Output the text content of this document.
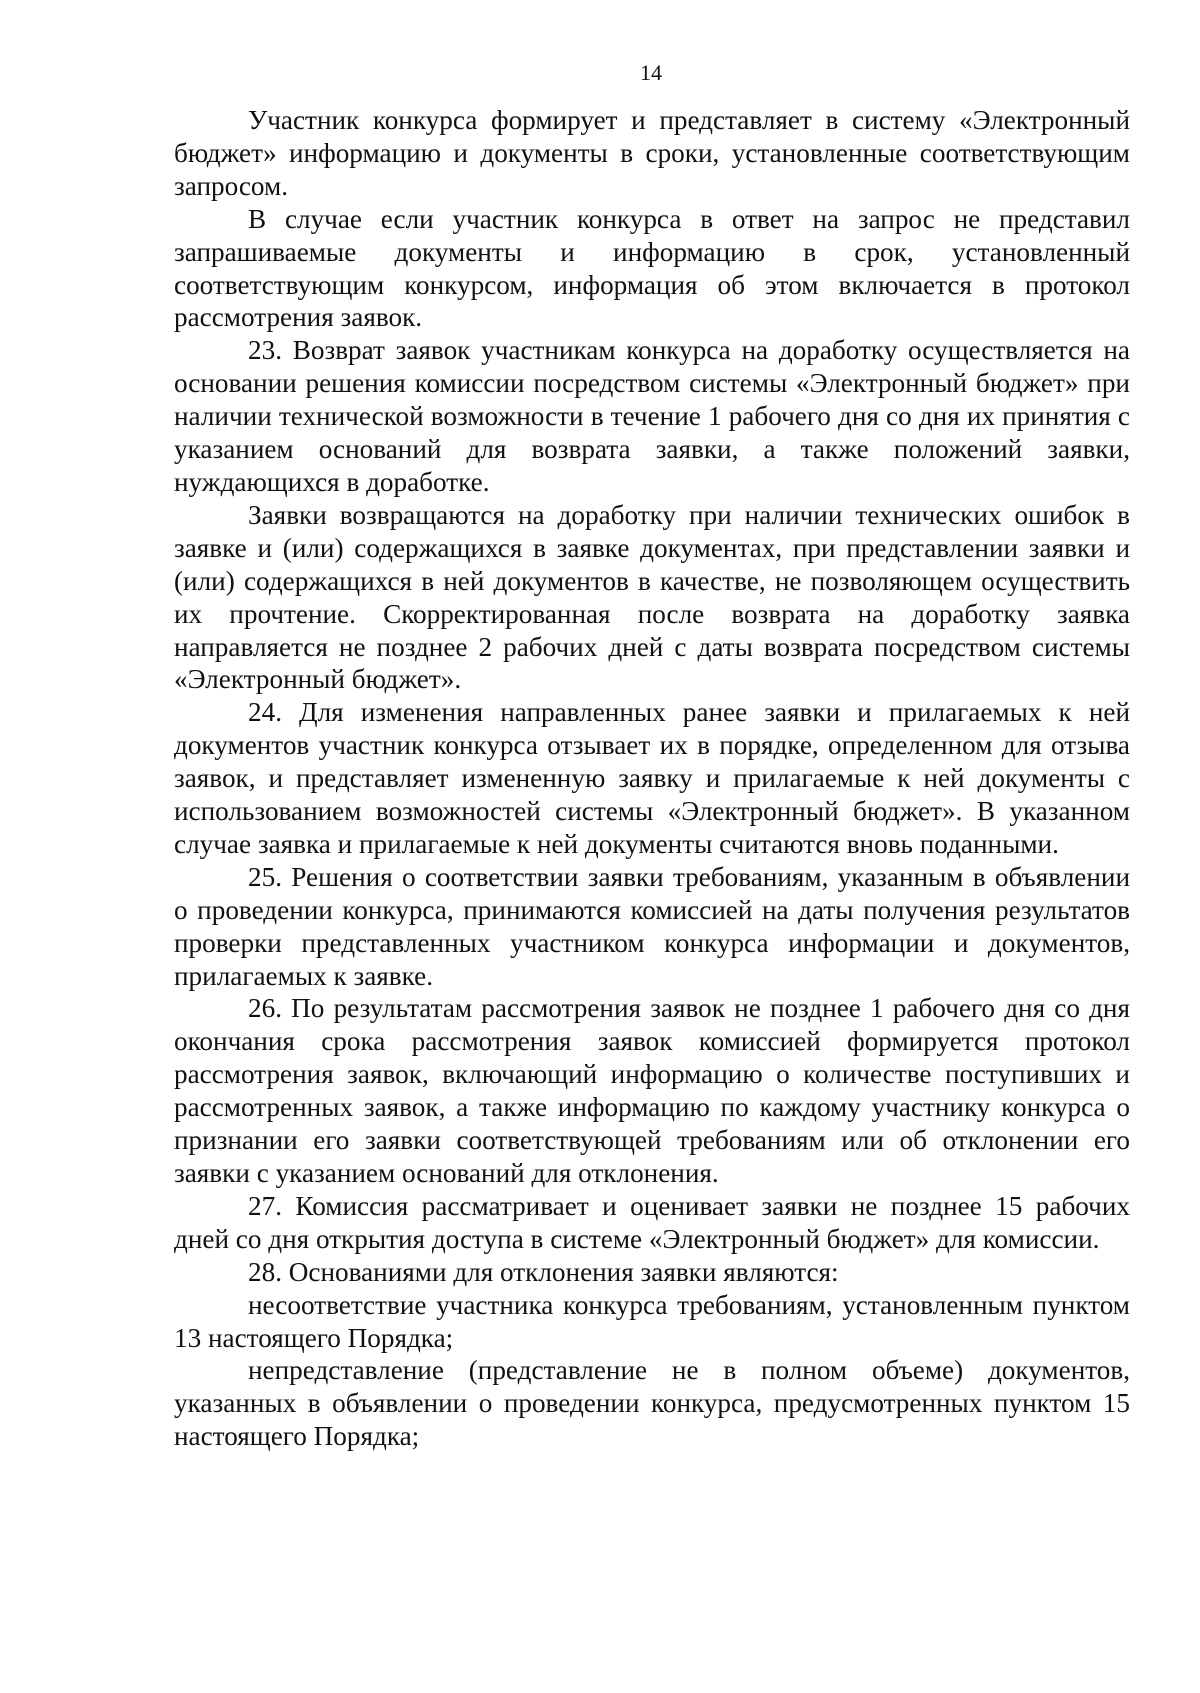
14

Участник конкурса формирует и представляет в систему «Электронный бюджет» информацию и документы в сроки, установленные соответствующим запросом.

В случае если участник конкурса в ответ на запрос не представил запрашиваемые документы и информацию в срок, установленный соответствующим конкурсом, информация об этом включается в протокол рассмотрения заявок.

23. Возврат заявок участникам конкурса на доработку осуществляется на основании решения комиссии посредством системы «Электронный бюджет» при наличии технической возможности в течение 1 рабочего дня со дня их принятия с указанием оснований для возврата заявки, а также положений заявки, нуждающихся в доработке.

Заявки возвращаются на доработку при наличии технических ошибок в заявке и (или) содержащихся в заявке документах, при представлении заявки и (или) содержащихся в ней документов в качестве, не позволяющем осуществить их прочтение. Скорректированная после возврата на доработку заявка направляется не позднее 2 рабочих дней с даты возврата посредством системы «Электронный бюджет».

24. Для изменения направленных ранее заявки и прилагаемых к ней документов участник конкурса отзывает их в порядке, определенном для отзыва заявок, и представляет измененную заявку и прилагаемые к ней документы с использованием возможностей системы «Электронный бюджет». В указанном случае заявка и прилагаемые к ней документы считаются вновь поданными.

25. Решения о соответствии заявки требованиям, указанным в объявлении о проведении конкурса, принимаются комиссией на даты получения результатов проверки представленных участником конкурса информации и документов, прилагаемых к заявке.

26. По результатам рассмотрения заявок не позднее 1 рабочего дня со дня окончания срока рассмотрения заявок комиссией формируется протокол рассмотрения заявок, включающий информацию о количестве поступивших и рассмотренных заявок, а также информацию по каждому участнику конкурса о признании его заявки соответствующей требованиям или об отклонении его заявки с указанием оснований для отклонения.

27. Комиссия рассматривает и оценивает заявки не позднее 15 рабочих дней со дня открытия доступа в системе «Электронный бюджет» для комиссии.

28. Основаниями для отклонения заявки являются:

несоответствие участника конкурса требованиям, установленным пунктом 13 настоящего Порядка;

непредставление (представление не в полном объеме) документов, указанных в объявлении о проведении конкурса, предусмотренных пунктом 15 настоящего Порядка;
